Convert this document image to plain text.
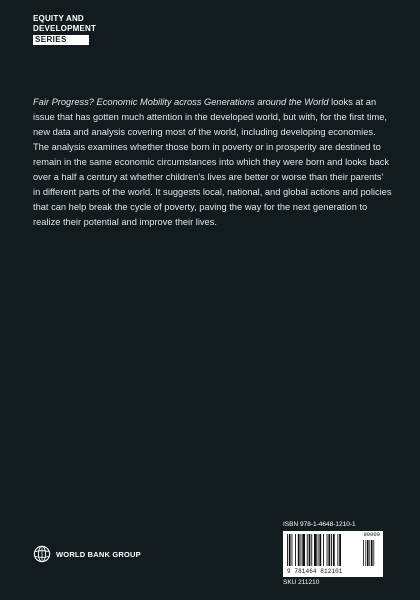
EQUITY AND
DEVELOPMENT
SERIES

Fair Progress? Economic Mobility across Generations around the World looks at an issue that has gotten much attention in the developed world, but with, for the first time, new data and analysis covering most of the world, including developing economies. The analysis examines whether those born in poverty or in prosperity are destined to remain in the same economic circumstances into which they were born and looks back over a half a century at whether children's lives are better or worse than their parents' in different parts of the world. It suggests local, national, and global actions and policies that can help break the cycle of poverty, paving the way for the next generation to realize their potential and improve their lives.

WORLD BANK GROUP
ISBN 978-1-4648-1210-1
90000
9 781464 812101
SKU 211210
